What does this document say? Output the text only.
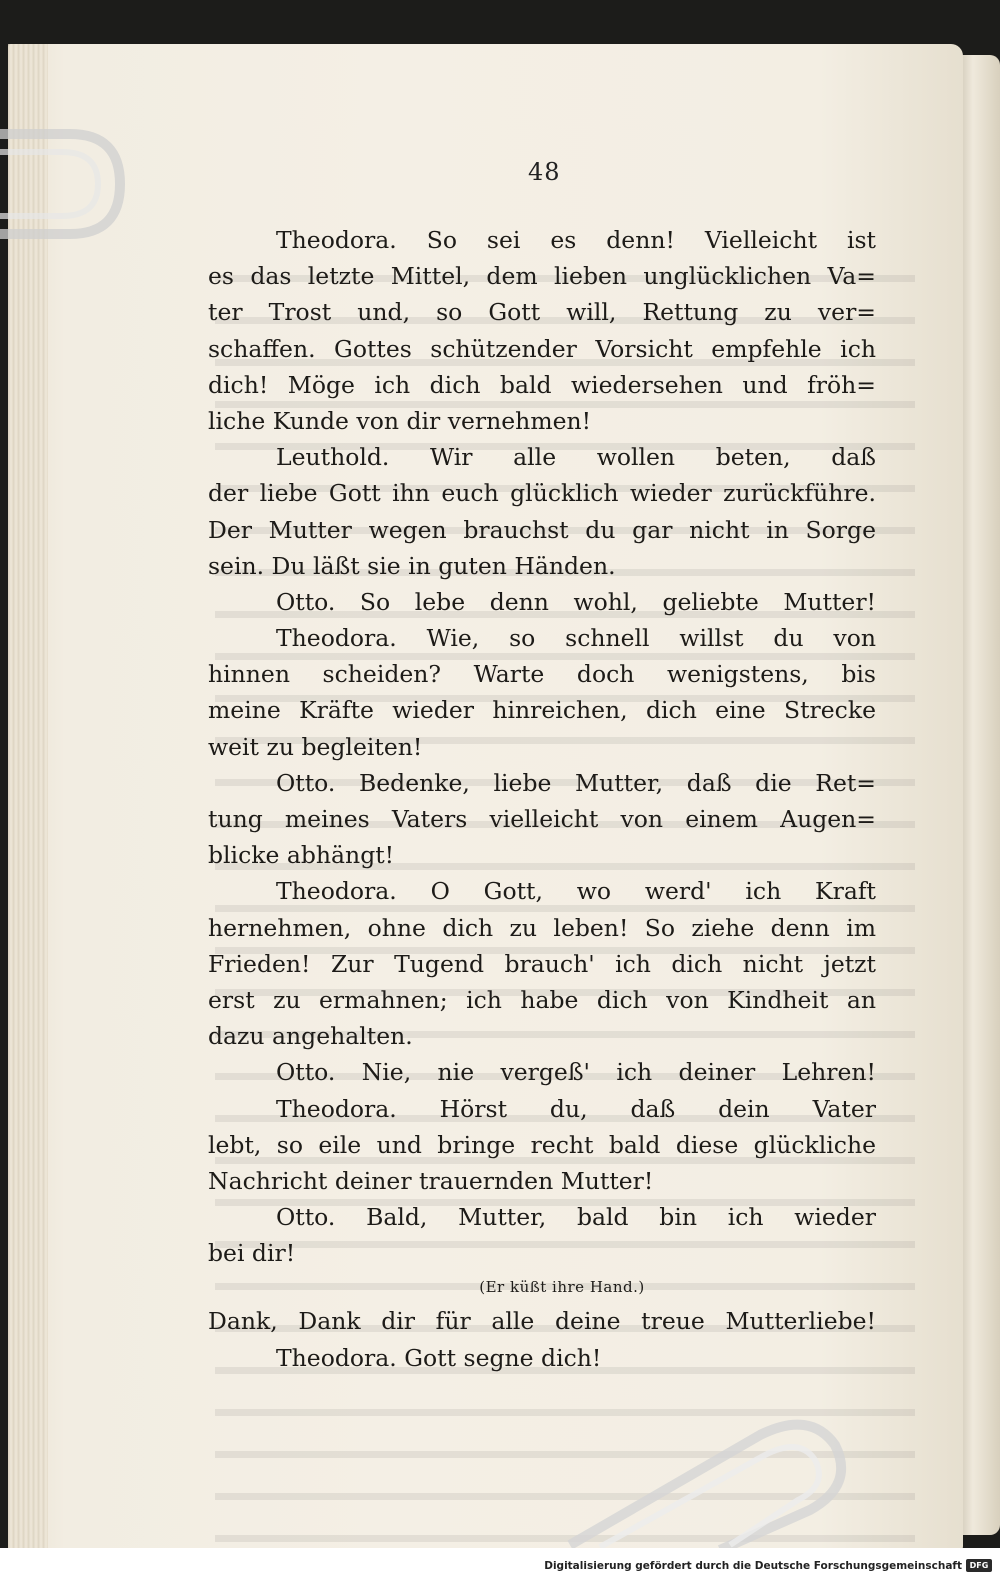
48
Theodora. So sei es denn! Vielleicht ist
es das letzte Mittel, dem lieben unglücklichen Va=
ter Trost und, so Gott will, Rettung zu ver=
schaffen. Gottes schützender Vorsicht empfehle ich
dich! Möge ich dich bald wiedersehen und fröh=
liche Kunde von dir vernehmen!
Leuthold. Wir alle wollen beten, daß
der liebe Gott ihn euch glücklich wieder zurückführe.
Der Mutter wegen brauchst du gar nicht in Sorge
sein. Du läßt sie in guten Händen.
Otto. So lebe denn wohl, geliebte Mutter!
Theodora. Wie, so schnell willst du von
hinnen scheiden? Warte doch wenigstens, bis
meine Kräfte wieder hinreichen, dich eine Strecke
weit zu begleiten!
Otto. Bedenke, liebe Mutter, daß die Ret=
tung meines Vaters vielleicht von einem Augen=
blicke abhängt!
Theodora. O Gott, wo werd' ich Kraft
hernehmen, ohne dich zu leben! So ziehe denn im
Frieden! Zur Tugend brauch' ich dich nicht jetzt
erst zu ermahnen; ich habe dich von Kindheit an
dazu angehalten.
Otto. Nie, nie vergeß' ich deiner Lehren!
Theodora. Hörst du, daß dein Vater
lebt, so eile und bringe recht bald diese glückliche
Nachricht deiner trauernden Mutter!
Otto. Bald, Mutter, bald bin ich wieder
bei dir!
(Er küßt ihre Hand.)
Dank, Dank dir für alle deine treue Mutterliebe!
Theodora. Gott segne dich!
Digitalisierung gefördert durch die Deutsche Forschungsgemeinschaft DFG
